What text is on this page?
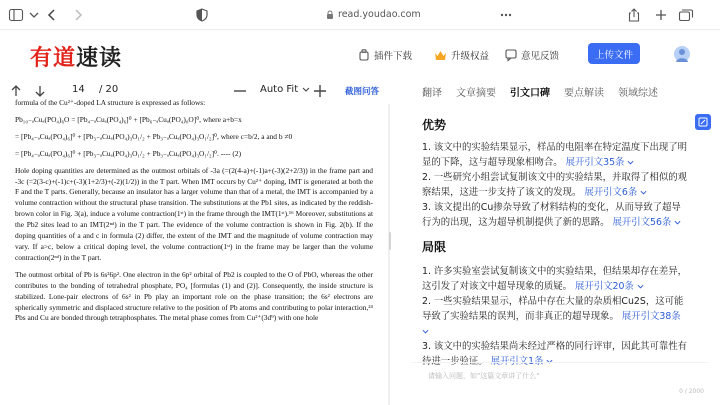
read.youdao.com
有道速读	插件下载	升级权益	意见反馈	上传文件
14 / 20	Auto Fit	截图问答

formula of the Cu²⁺-doped LA structure is expressed as follows:

Pb₁₀₋ₐCuₐ(PO₄)₆O = [Pb₄₋ₐCuₐ(PO₄)₆]⁰ + [Pb₆₋ₐCuₐ(PO₄)₀O]⁰, where a+b=x

= [Pb₄₋ₐCuₐ(PO₄)₆]⁰ + [Pb₃₋ₐCuₐ(PO₄)₃O₁/₂ + Pb₃₋ₐCuₐ(PO₄)₃O₁/₂]⁰, where c=b/2, a and b ≠0

= [Pb₄₋ₐCuₐ(PO₄)₆]⁰ + [Pb₃₋ₐCuₐ(PO₄)₃O₁/₂ + Pb₃₋ₐCuₐ(PO₄)₃O₁/₂]⁰. ---- (2)

Hole doping quantities are determined as the outmost orbitals of -3a (=(2(4-a)+(-1)a+(-3)(2+2/3)) in the frame part and -3c (=2(3-c)+(-1)c+(-3)(1+2/3)+(-2)(1/2)) in the T part. When IMT occurs by Cu²⁺ doping, IMT is generated at both the F and the T parts. Generally, because an insulator has a larger volume than that of a metal, the IMT is accompanied by a volume contraction without the structural phase transition. The substitutions at the Pb1 sites, as indicated by the reddish-brown color in Fig. 3(a), induce a volume contraction(1ˢᵗ) in the frame through the IMT(1ˢᵗ).¹⁶ Moreover, substitutions at the Pb2 sites lead to an IMT(2ⁿᵈ) in the T part. The evidence of the volume contraction is shown in Fig. 2(b). If the doping quantities of a and c in formula (2) differ, the extent of the IMT and the magnitude of volume contraction may vary. If a>c, below a critical doping level, the volume contraction(1ˢᵗ) in the frame may be larger than the volume contraction(2ⁿᵈ) in the T part.

The outmost orbital of Pb is 6s²6p². One electron in the 6p² orbital of Pb2 is coupled to the O of PbO, whereas the other contributes to the bonding of tetrahedral phosphate, PO₄ [formulas (1) and (2)]. Consequently, the inside structure is stabilized. Lone-pair electrons of 6s² in Pb play an important role on the phase transition; the 6s² electrons are spherically symmetric and displaced structure relative to the position of Pb atoms and contributing to polar interaction,²⁴ Pbs and Cu are bonded through tetraphosphates. The metal phase comes from Cu²⁺(3d⁹) with one hole

翻译 文章摘要 引文口碑 要点解读 领域综述
优势
1. 该文中的实验结果显示，样品的电阻率在特定温度下出现了明显的下降，这与超导现象相吻合。 展开引文35条
2. 一些研究小组尝试复制该文中的实验结果，并取得了相似的观察结果，这进一步支持了该文的发现。 展开引文6条
3. 该文提出的Cu掺杂导致了材料结构的变化，从而导致了超导行为的出现，这为超导机制提供了新的思路。 展开引文56条
局限
1. 许多实验室尝试复制该文中的实验结果，但结果却存在差异，这引发了对该文中超导现象的质疑。 展开引文20条
2. 一些实验结果显示，样品中存在大量的杂质相Cu2S，这可能导致了实验结果的误判，而非真正的超导现象。 展开引文38条
3. 该文中的实验结果尚未经过严格的同行评审，因此其可靠性有待进一步验证。 展开引文1条
请输入问题，如"这篇文章讲了什么"
0 / 2000
